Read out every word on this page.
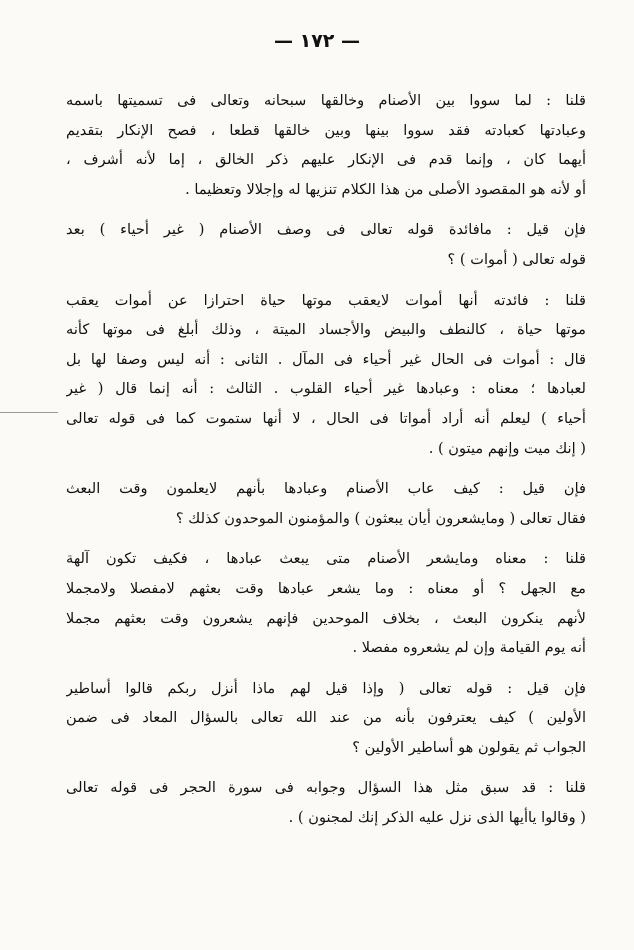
— ١٧٢ —
قلنا : لما سووا بين الأصنام وخالقها سبحانه وتعالى فى تسميتها باسمه
وعبادتها كعبادته فقد سووا بينها وبين خالقها قطعا ، فصح الإنكار بتقديم
أيهما كان ، وإنما قدم فى الإنكار عليهم ذكر الخالق ، إما لأنه أشرف ،
أو لأنه هو المقصود الأصلى من هذا الكلام تنزيها له وإجلالا وتعظيما .
فإن قيل : مافائدة قوله تعالى فى وصف الأصنام ( غير أحياء ) بعد
قوله تعالى ( أموات ) ؟
قلنا : فائدته أنها أموات لايعقب موتها حياة احترازا عن أموات يعقب
موتها حياة ، كالنطف والبيض والأجساد الميتة ، وذلك أبلغ فى موتها كأنه
قال : أموات فى الحال غير أحياء فى المآل . الثانى : أنه ليس وصفا لها بل
لعبادها ؛ معناه : وعبادها غير أحياء القلوب . الثالث : أنه إنما قال ( غير
أحياء ) ليعلم أنه أراد أمواتا فى الحال ، لا أنها ستموت كما فى قوله تعالى
( إنك ميت وإنهم ميتون ) .
فإن قيل : كيف عاب الأصنام وعبادها بأنهم لايعلمون وقت البعث
فقال تعالى ( ومايشعرون أيان يبعثون ) والمؤمنون الموحدون كذلك ؟
قلنا : معناه ومايشعر الأصنام متى يبعث عبادها ، فكيف تكون آلهة
مع الجهل ؟ أو معناه : وما يشعر عبادها وقت بعثهم لامفصلا ولامجملا
لأنهم ينكرون البعث ، بخلاف الموحدين فإنهم يشعرون وقت بعثهم مجملا
أنه يوم القيامة وإن لم يشعروه مفصلا .
فإن قيل : قوله تعالى ( وإذا قيل لهم ماذا أنزل ربكم قالوا أساطير
الأولين ) كيف يعترفون بأنه من عند الله تعالى بالسؤال المعاد فى ضمن
الجواب ثم يقولون هو أساطير الأولين ؟
قلنا : قد سبق مثل هذا السؤال وجوابه فى سورة الحجر فى قوله تعالى
( وقالوا ياأيها الذى نزل عليه الذكر إنك لمجنون ) .
